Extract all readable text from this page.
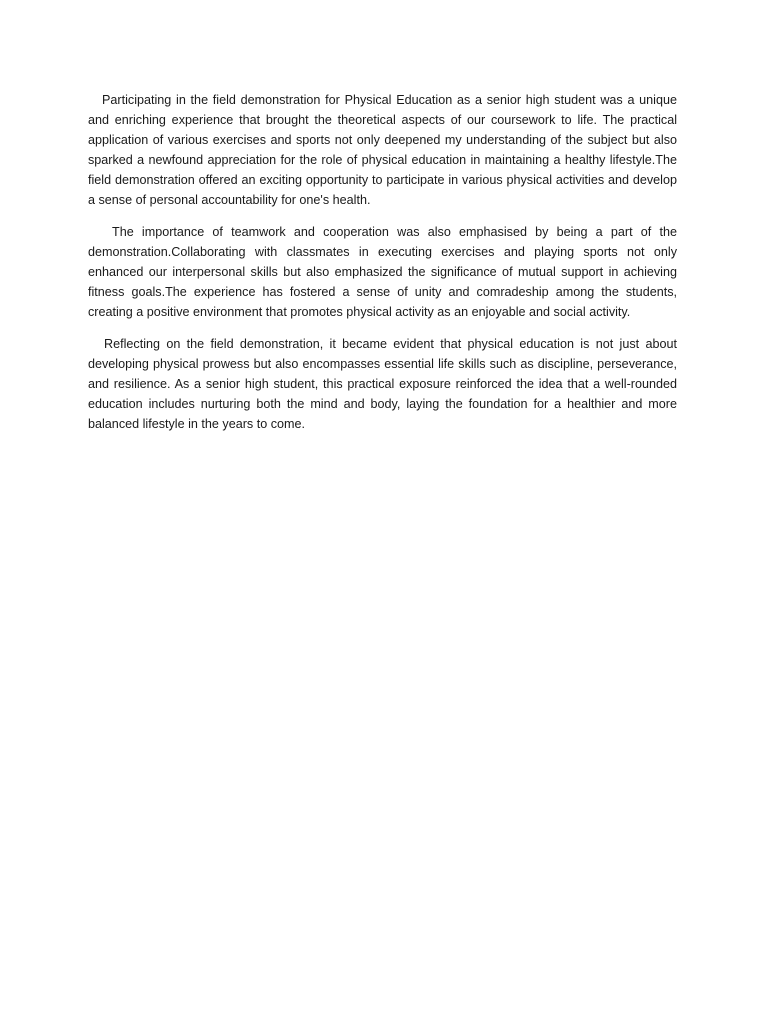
Participating in the field demonstration for Physical Education as a senior high student was a unique and enriching experience that brought the theoretical aspects of our coursework to life. The practical application of various exercises and sports not only deepened my understanding of the subject but also sparked a newfound appreciation for the role of physical education in maintaining a healthy lifestyle.The field demonstration offered an exciting opportunity to participate in various physical activities and develop a sense of personal accountability for one's health.

The importance of teamwork and cooperation was also emphasised by being a part of the demonstration.Collaborating with classmates in executing exercises and playing sports not only enhanced our interpersonal skills but also emphasized the significance of mutual support in achieving fitness goals.The experience has fostered a sense of unity and comradeship among the students, creating a positive environment that promotes physical activity as an enjoyable and social activity.

Reflecting on the field demonstration, it became evident that physical education is not just about developing physical prowess but also encompasses essential life skills such as discipline, perseverance, and resilience. As a senior high student, this practical exposure reinforced the idea that a well-rounded education includes nurturing both the mind and body, laying the foundation for a healthier and more balanced lifestyle in the years to come.
